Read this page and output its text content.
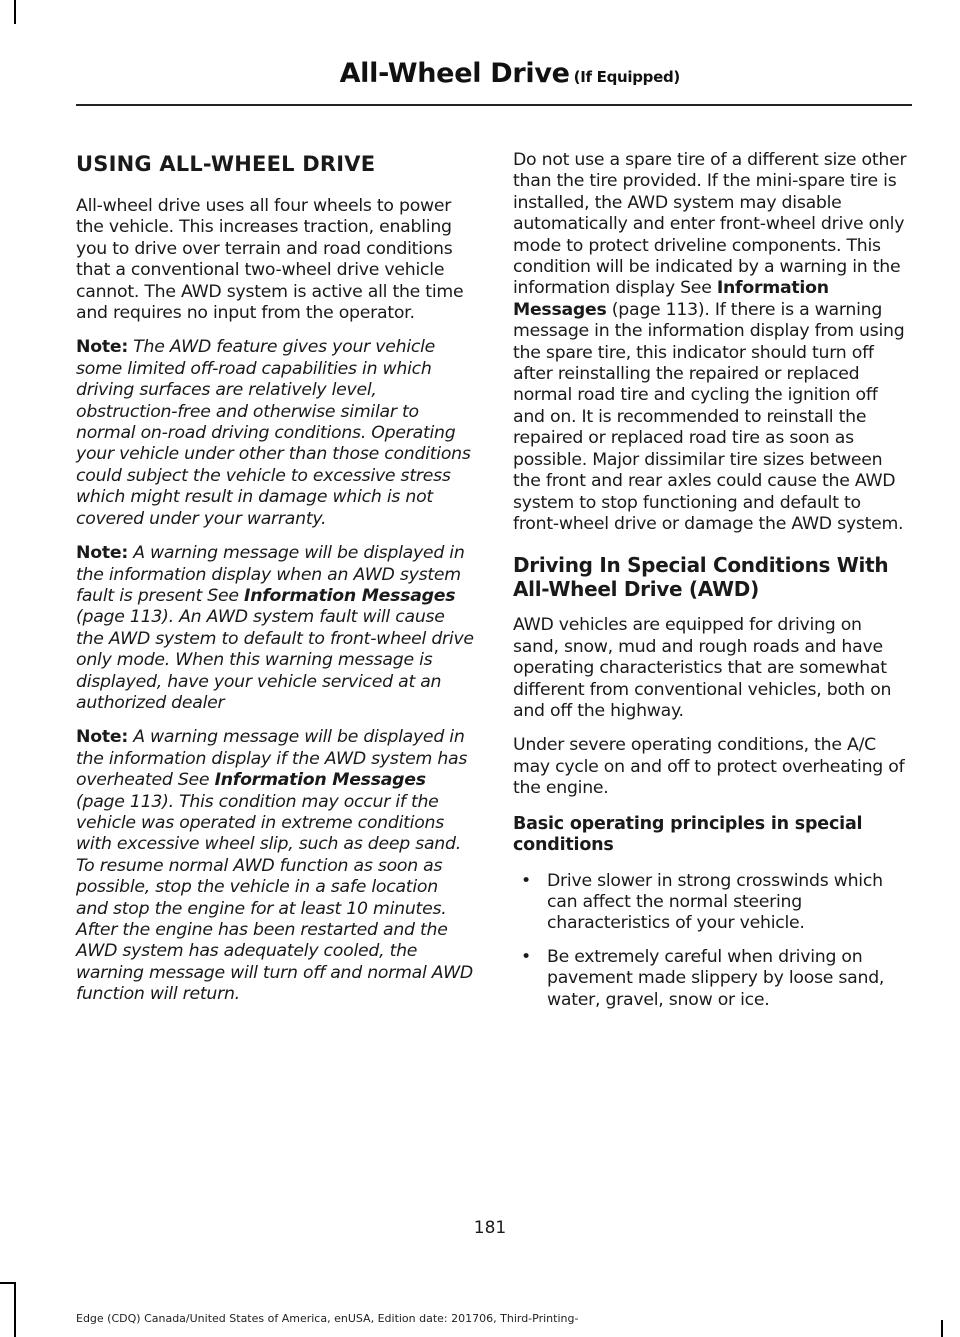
All-Wheel Drive (If Equipped)
USING ALL-WHEEL DRIVE

All-wheel drive uses all four wheels to power the vehicle. This increases traction, enabling you to drive over terrain and road conditions that a conventional two-wheel drive vehicle cannot. The AWD system is active all the time and requires no input from the operator.

Note: The AWD feature gives your vehicle some limited off-road capabilities in which driving surfaces are relatively level, obstruction-free and otherwise similar to normal on-road driving conditions. Operating your vehicle under other than those conditions could subject the vehicle to excessive stress which might result in damage which is not covered under your warranty.

Note: A warning message will be displayed in the information display when an AWD system fault is present See Information Messages (page 113). An AWD system fault will cause the AWD system to default to front-wheel drive only mode. When this warning message is displayed, have your vehicle serviced at an authorized dealer

Note: A warning message will be displayed in the information display if the AWD system has overheated See Information Messages (page 113). This condition may occur if the vehicle was operated in extreme conditions with excessive wheel slip, such as deep sand. To resume normal AWD function as soon as possible, stop the vehicle in a safe location and stop the engine for at least 10 minutes. After the engine has been restarted and the AWD system has adequately cooled, the warning message will turn off and normal AWD function will return.

Do not use a spare tire of a different size other than the tire provided. If the mini-spare tire is installed, the AWD system may disable automatically and enter front-wheel drive only mode to protect driveline components. This condition will be indicated by a warning in the information display See Information Messages (page 113). If there is a warning message in the information display from using the spare tire, this indicator should turn off after reinstalling the repaired or replaced normal road tire and cycling the ignition off and on. It is recommended to reinstall the repaired or replaced road tire as soon as possible. Major dissimilar tire sizes between the front and rear axles could cause the AWD system to stop functioning and default to front-wheel drive or damage the AWD system.

Driving In Special Conditions With All-Wheel Drive (AWD)

AWD vehicles are equipped for driving on sand, snow, mud and rough roads and have operating characteristics that are somewhat different from conventional vehicles, both on and off the highway.

Under severe operating conditions, the A/C may cycle on and off to protect overheating of the engine.

Basic operating principles in special conditions
• Drive slower in strong crosswinds which can affect the normal steering characteristics of your vehicle.
• Be extremely careful when driving on pavement made slippery by loose sand, water, gravel, snow or ice.
181
Edge (CDQ) Canada/United States of America, enUSA, Edition date: 201706, Third-Printing-
